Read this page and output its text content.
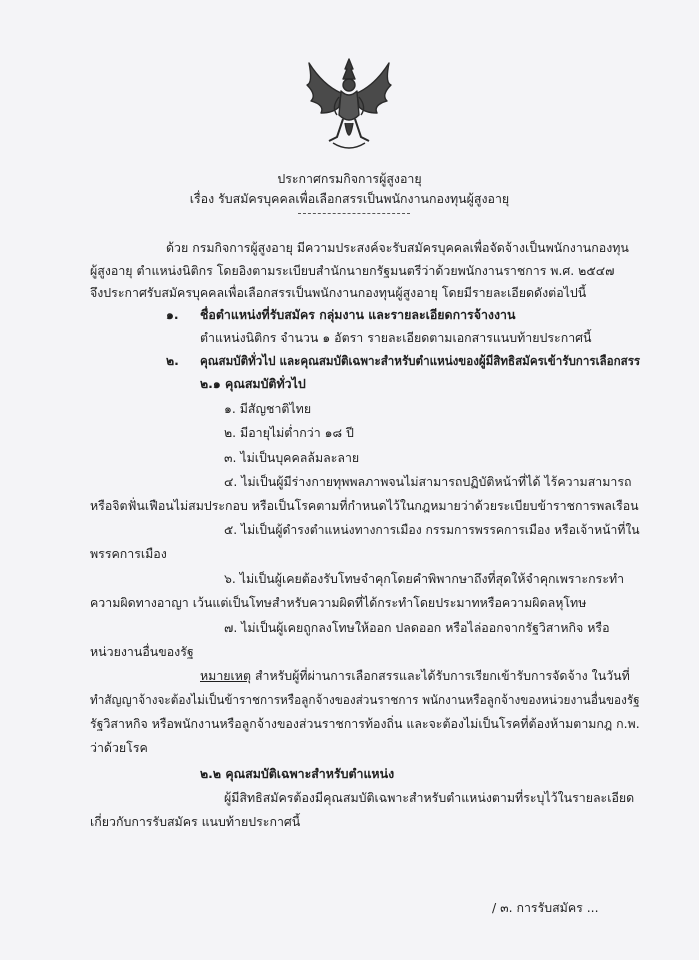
ประกาศกรมกิจการผู้สูงอายุ
เรื่อง รับสมัครบุคคลเพื่อเลือกสรรเป็นพนักงานกองทุนผู้สูงอายุ
ด้วย กรมกิจการผู้สูงอายุ มีความประสงค์จะรับสมัครบุคคลเพื่อจัดจ้างเป็นพนักงานกองทุน
ผู้สูงอายุ ตำแหน่งนิติกร โดยอิงตามระเบียบสำนักนายกรัฐมนตรีว่าด้วยพนักงานราชการ พ.ศ. ๒๕๔๗
จึงประกาศรับสมัครบุคคลเพื่อเลือกสรรเป็นพนักงานกองทุนผู้สูงอายุ โดยมีรายละเอียดดังต่อไปนี้
๑. ชื่อตำแหน่งที่รับสมัคร กลุ่มงาน และรายละเอียดการจ้างงาน
ตำแหน่งนิติกร จำนวน ๑ อัตรา รายละเอียดตามเอกสารแนบท้ายประกาศนี้
๒. คุณสมบัติทั่วไป และคุณสมบัติเฉพาะสำหรับตำแหน่งของผู้มีสิทธิสมัครเข้ารับการเลือกสรร
๒.๑ คุณสมบัติทั่วไป
๑. มีสัญชาติไทย
๒. มีอายุไม่ต่ำกว่า ๑๘ ปี
๓. ไม่เป็นบุคคลล้มละลาย
๔. ไม่เป็นผู้มีร่างกายทุพพลภาพจนไม่สามารถปฏิบัติหน้าที่ได้ ไร้ความสามารถ
หรือจิตฟั่นเฟือนไม่สมประกอบ หรือเป็นโรคตามที่กำหนดไว้ในกฎหมายว่าด้วยระเบียบข้าราชการพลเรือน
๕. ไม่เป็นผู้ดำรงตำแหน่งทางการเมือง กรรมการพรรคการเมือง หรือเจ้าหน้าที่ใน
พรรคการเมือง
๖. ไม่เป็นผู้เคยต้องรับโทษจำคุกโดยคำพิพากษาถึงที่สุดให้จำคุกเพราะกระทำ
ความผิดทางอาญา เว้นแต่เป็นโทษสำหรับความผิดที่ได้กระทำโดยประมาทหรือความผิดลหุโทษ
๗. ไม่เป็นผู้เคยถูกลงโทษให้ออก ปลดออก หรือไล่ออกจากรัฐวิสาหกิจ หรือ
หน่วยงานอื่นของรัฐ
หมายเหตุ สำหรับผู้ที่ผ่านการเลือกสรรและได้รับการเรียกเข้ารับการจัดจ้าง ในวันที่
ทำสัญญาจ้างจะต้องไม่เป็นข้าราชการหรือลูกจ้างของส่วนราชการ พนักงานหรือลูกจ้างของหน่วยงานอื่นของรัฐ
รัฐวิสาหกิจ หรือพนักงานหรือลูกจ้างของส่วนราชการท้องถิ่น และจะต้องไม่เป็นโรคที่ต้องห้ามตามกฎ ก.พ.
ว่าด้วยโรค
๒.๒ คุณสมบัติเฉพาะสำหรับตำแหน่ง
ผู้มีสิทธิสมัครต้องมีคุณสมบัติเฉพาะสำหรับตำแหน่งตามที่ระบุไว้ในรายละเอียด
เกี่ยวกับการรับสมัคร แนบท้ายประกาศนี้
/ ๓. การรับสมัคร ...
